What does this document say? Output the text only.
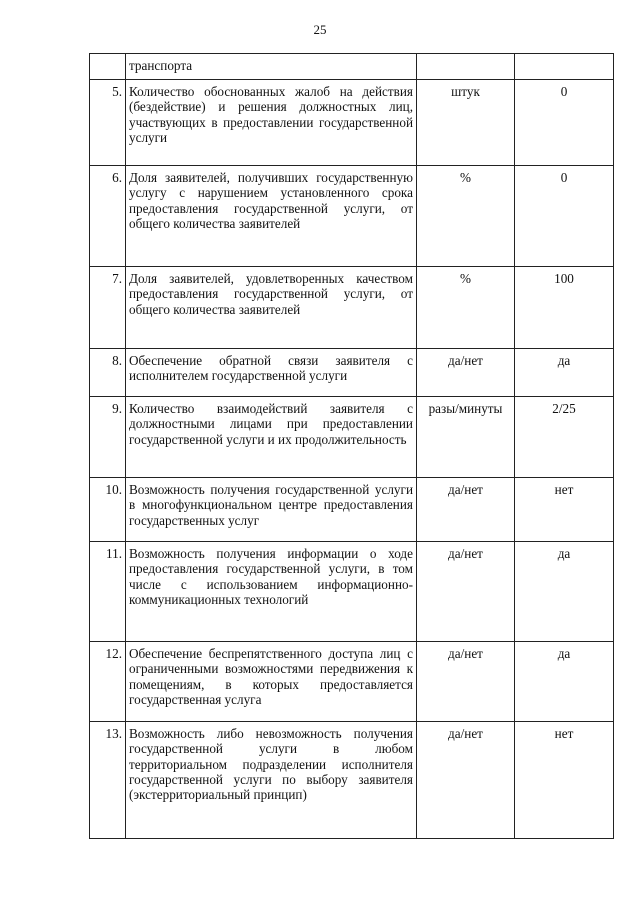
25
	транспорта		
5.	Количество обоснованных жалоб на действия (бездействие) и решения должностных лиц, участвующих в предоставлении государственной услуги	штук	0
6.	Доля заявителей, получивших государственную услугу с нарушением установленного срока предоставления государственной услуги, от общего количества заявителей	%	0
7.	Доля заявителей, удовлетворенных качеством предоставления государственной услуги, от общего количества заявителей	%	100
8.	Обеспечение обратной связи заявителя с исполнителем государственной услуги	да/нет	да
9.	Количество взаимодействий заявителя с должностными лицами при предоставлении государственной услуги и их продолжительность	разы/минуты	2/25
10.	Возможность получения государственной услуги в многофункциональном центре предоставления государственных услуг	да/нет	нет
11.	Возможность получения информации о ходе предоставления государственной услуги, в том числе с использованием информационно-коммуникационных технологий	да/нет	да
12.	Обеспечение беспрепятственного доступа лиц с ограниченными возможностями передвижения к помещениям, в которых предоставляется государственная услуга	да/нет	да
13.	Возможность либо невозможность получения государственной услуги в любом территориальном подразделении исполнителя государственной услуги по выбору заявителя (экстерриториальный принцип)	да/нет	нет
